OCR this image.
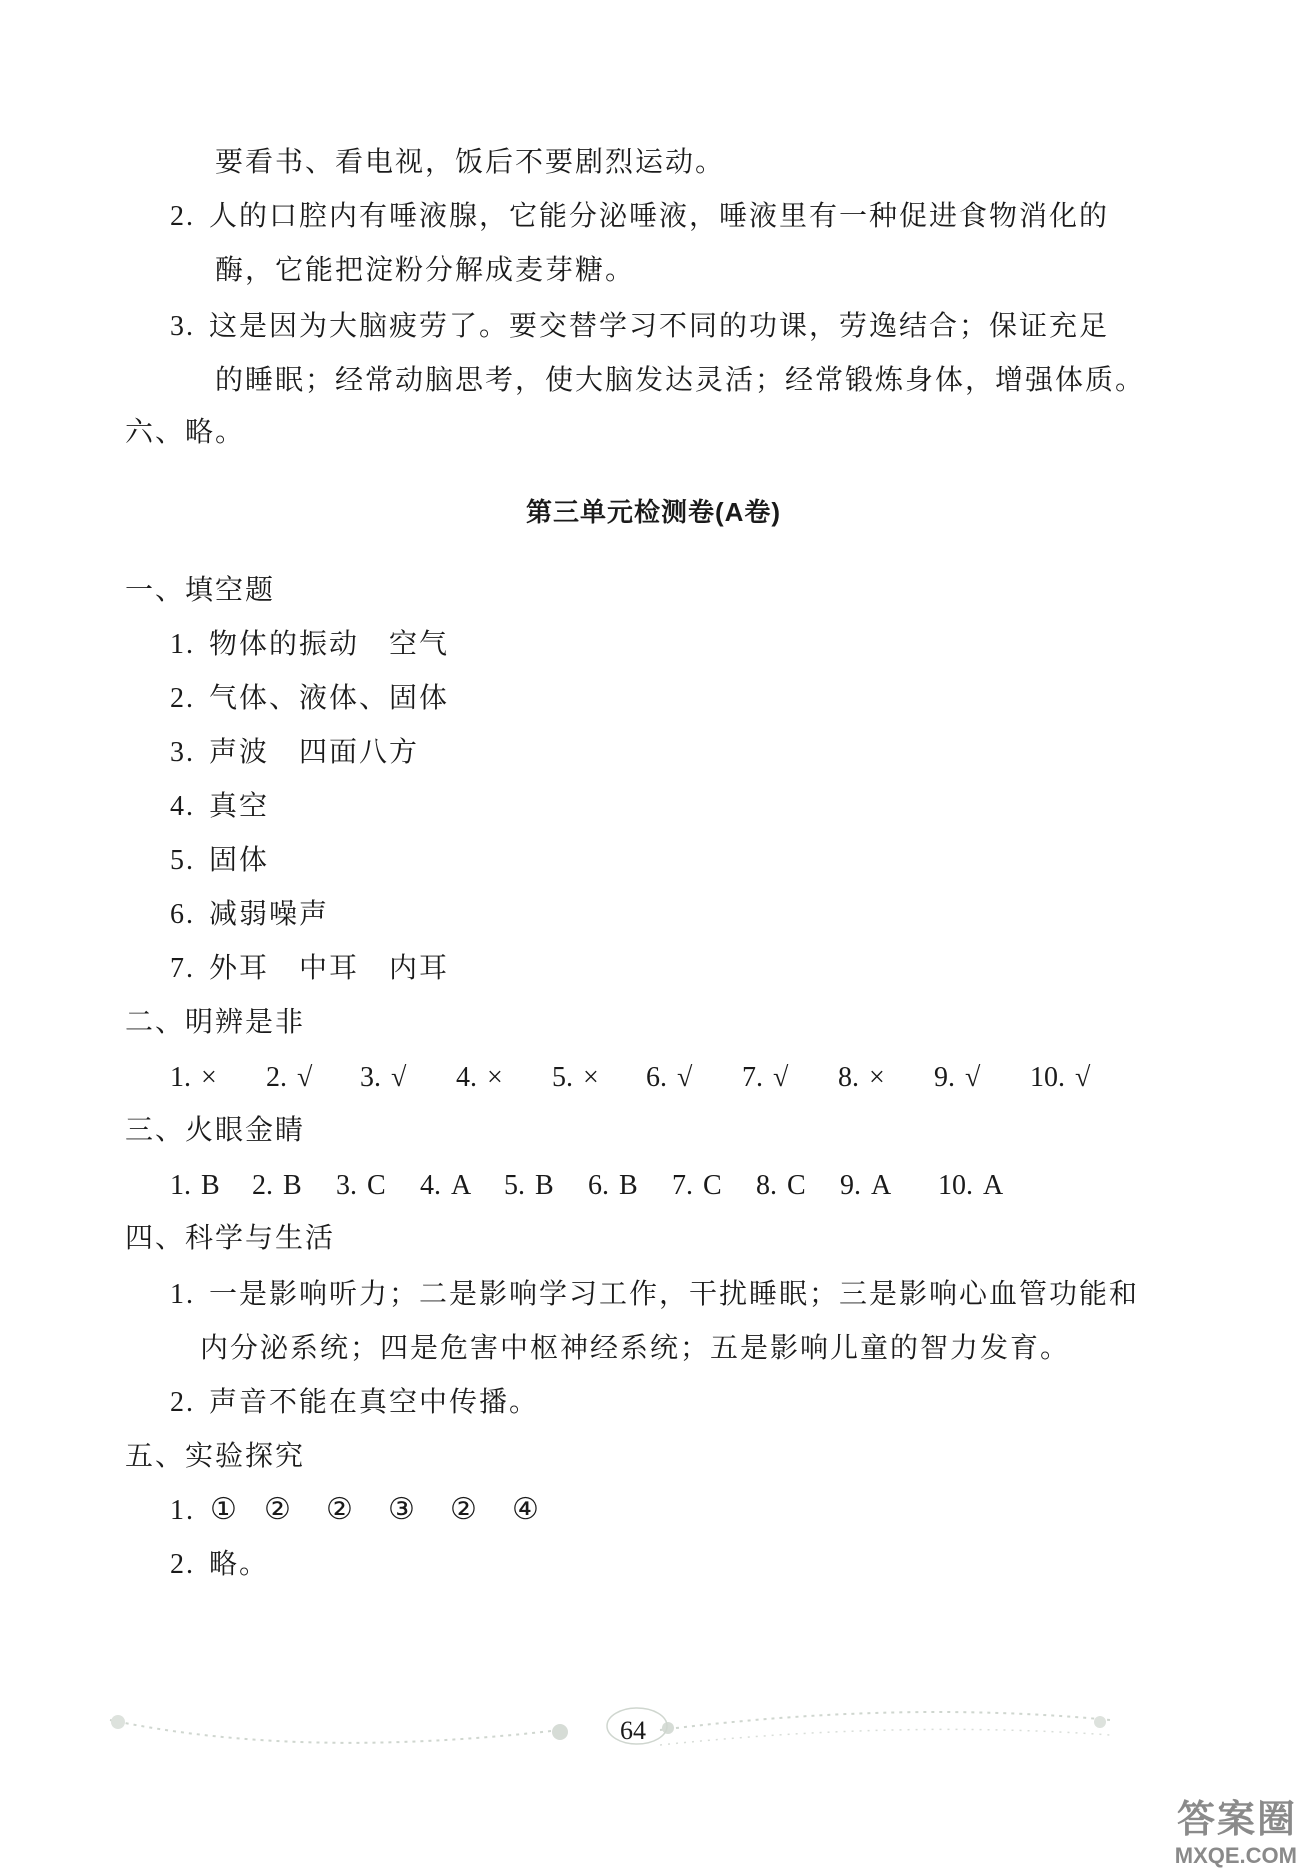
要看书、看电视，饭后不要剧烈运动。
2. 人的口腔内有唾液腺，它能分泌唾液，唾液里有一种促进食物消化的
酶，它能把淀粉分解成麦芽糖。
3. 这是因为大脑疲劳了。要交替学习不同的功课，劳逸结合；保证充足
的睡眠；经常动脑思考，使大脑发达灵活；经常锻炼身体，增强体质。
六、略。
第三单元检测卷(A卷)
一、填空题
1. 物体的振动　空气
2. 气体、液体、固体
3. 声波　四面八方
4. 真空
5. 固体
6. 减弱噪声
7. 外耳　中耳　内耳
二、明辨是非
1. ×	2. √	3. √	4. ×	5. ×	6. √	7. √	8. ×	9. √	10. √
三、火眼金睛
1. B	2. B	3. C	4. A	5. B	6. B	7. C	8. C	9. A	10. A
四、科学与生活
1. 一是影响听力；二是影响学习工作，干扰睡眠；三是影响心血管功能和
内分泌系统；四是危害中枢神经系统；五是影响儿童的智力发育。
2. 声音不能在真空中传播。
五、实验探究
1. ① ② ② ③ ② ④
2. 略。
64
答案圈
MXQE.COM
